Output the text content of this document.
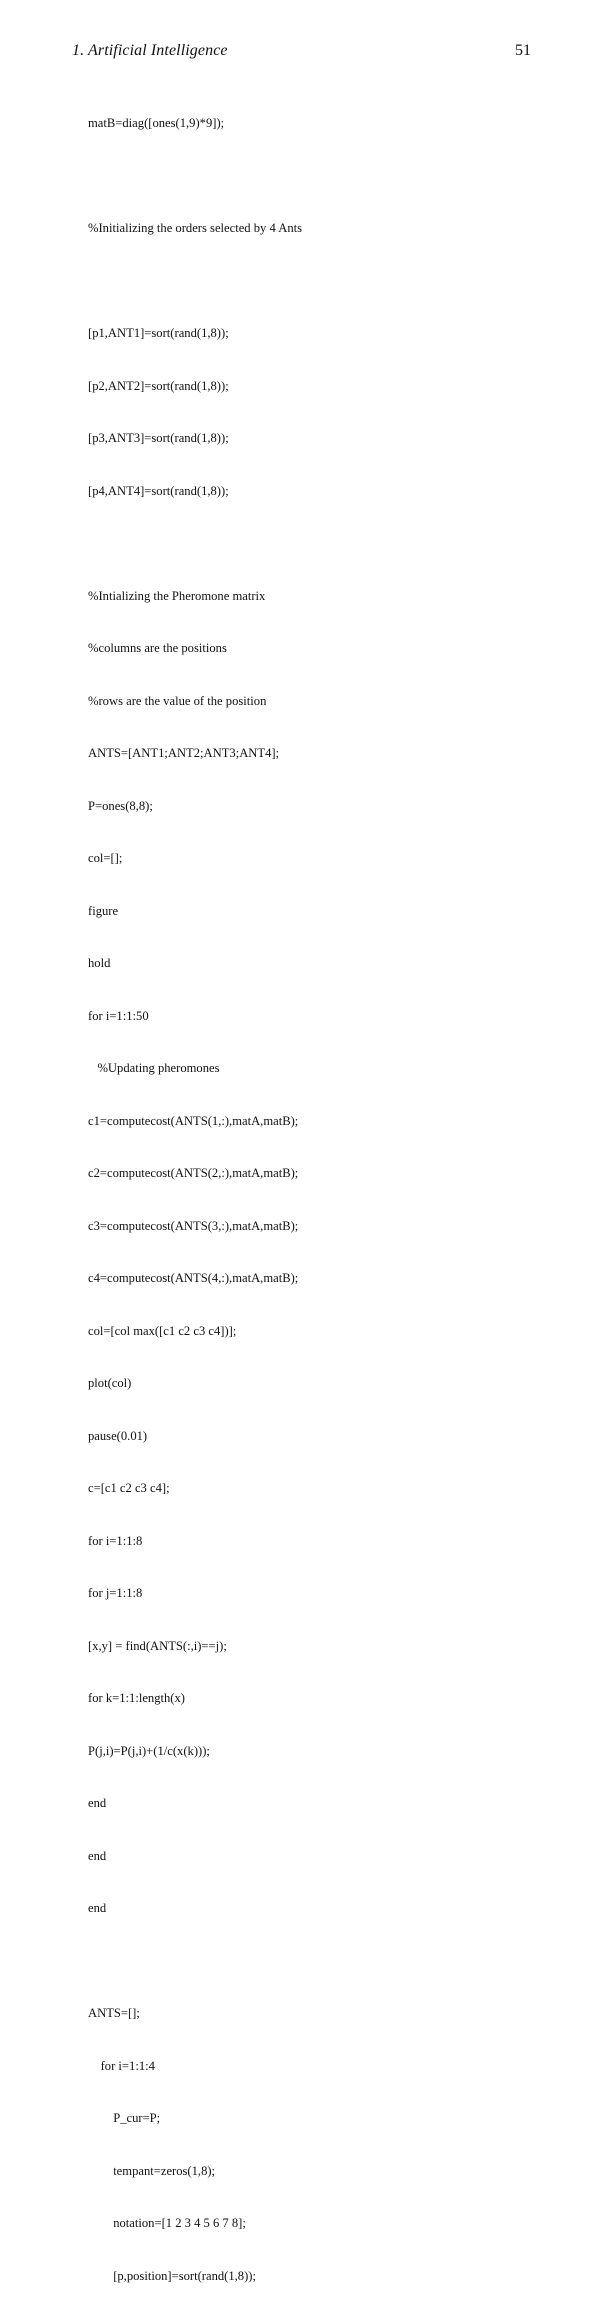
1. Artificial Intelligence	51

matB=diag([ones(1,9)*9]);

%Initializing the orders selected by 4 Ants

[p1,ANT1]=sort(rand(1,8));

[p2,ANT2]=sort(rand(1,8));

[p3,ANT3]=sort(rand(1,8));

[p4,ANT4]=sort(rand(1,8));

%Intializing the Pheromone matrix

%columns are the positions

%rows are the value of the position

ANTS=[ANT1;ANT2;ANT3;ANT4];

P=ones(8,8);

col=[];

figure

hold

for i=1:1:50

%Updating pheromones

c1=computecost(ANTS(1,:),matA,matB);

c2=computecost(ANTS(2,:),matA,matB);

c3=computecost(ANTS(3,:),matA,matB);

c4=computecost(ANTS(4,:),matA,matB);

col=[col max([c1 c2 c3 c4])];

plot(col)

pause(0.01)

c=[c1 c2 c3 c4];

for i=1:1:8

for j=1:1:8

[x,y] = find(ANTS(:,i)==j);

for k=1:1:length(x)

P(j,i)=P(j,i)+(1/c(x(k)));

end

end

end

ANTS=[];

for i=1:1:4

P_cur=P;

tempant=zeros(1,8);

notation=[1 2 3 4 5 6 7 8];

[p,position]=sort(rand(1,8));
